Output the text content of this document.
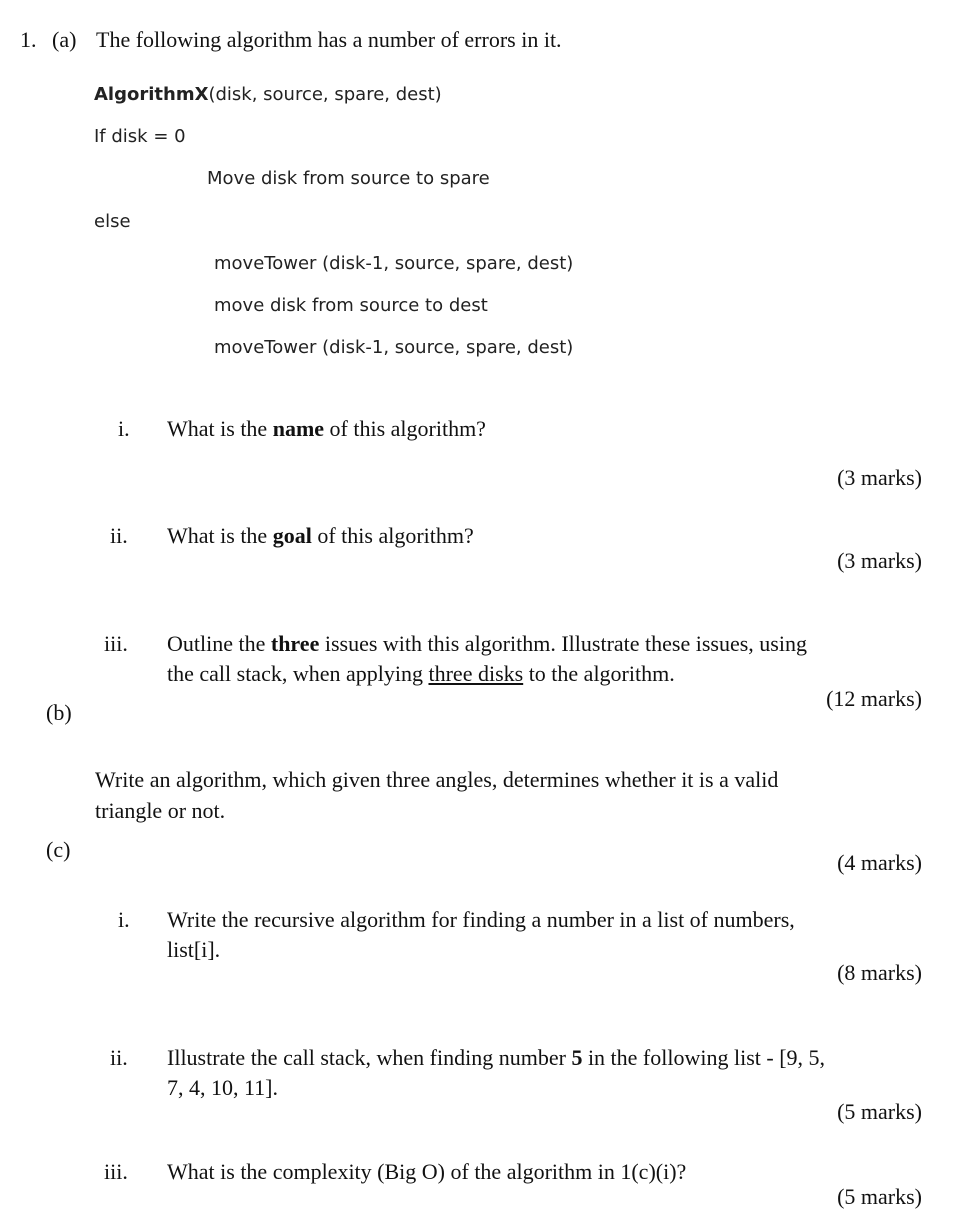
1. (a) The following algorithm has a number of errors in it.
AlgorithmX(disk, source, spare, dest)
If disk = 0
Move disk from source to spare
else
moveTower (disk-1, source, spare, dest)
move disk from source to dest
moveTower (disk-1, source, spare, dest)
i. What is the name of this algorithm?
(3 marks)
ii. What is the goal of this algorithm?
(3 marks)
iii. Outline the three issues with this algorithm. Illustrate these issues, using
the call stack, when applying three disks to the algorithm.
(12 marks)
(b)
Write an algorithm, which given three angles, determines whether it is a valid
triangle or not.
(4 marks)
(c)
i. Write the recursive algorithm for finding a number in a list of numbers,
list[i].
(8 marks)
ii. Illustrate the call stack, when finding number 5 in the following list - [9, 5,
7, 4, 10, 11].
(5 marks)
iii. What is the complexity (Big O) of the algorithm in 1(c)(i)?
(5 marks)
